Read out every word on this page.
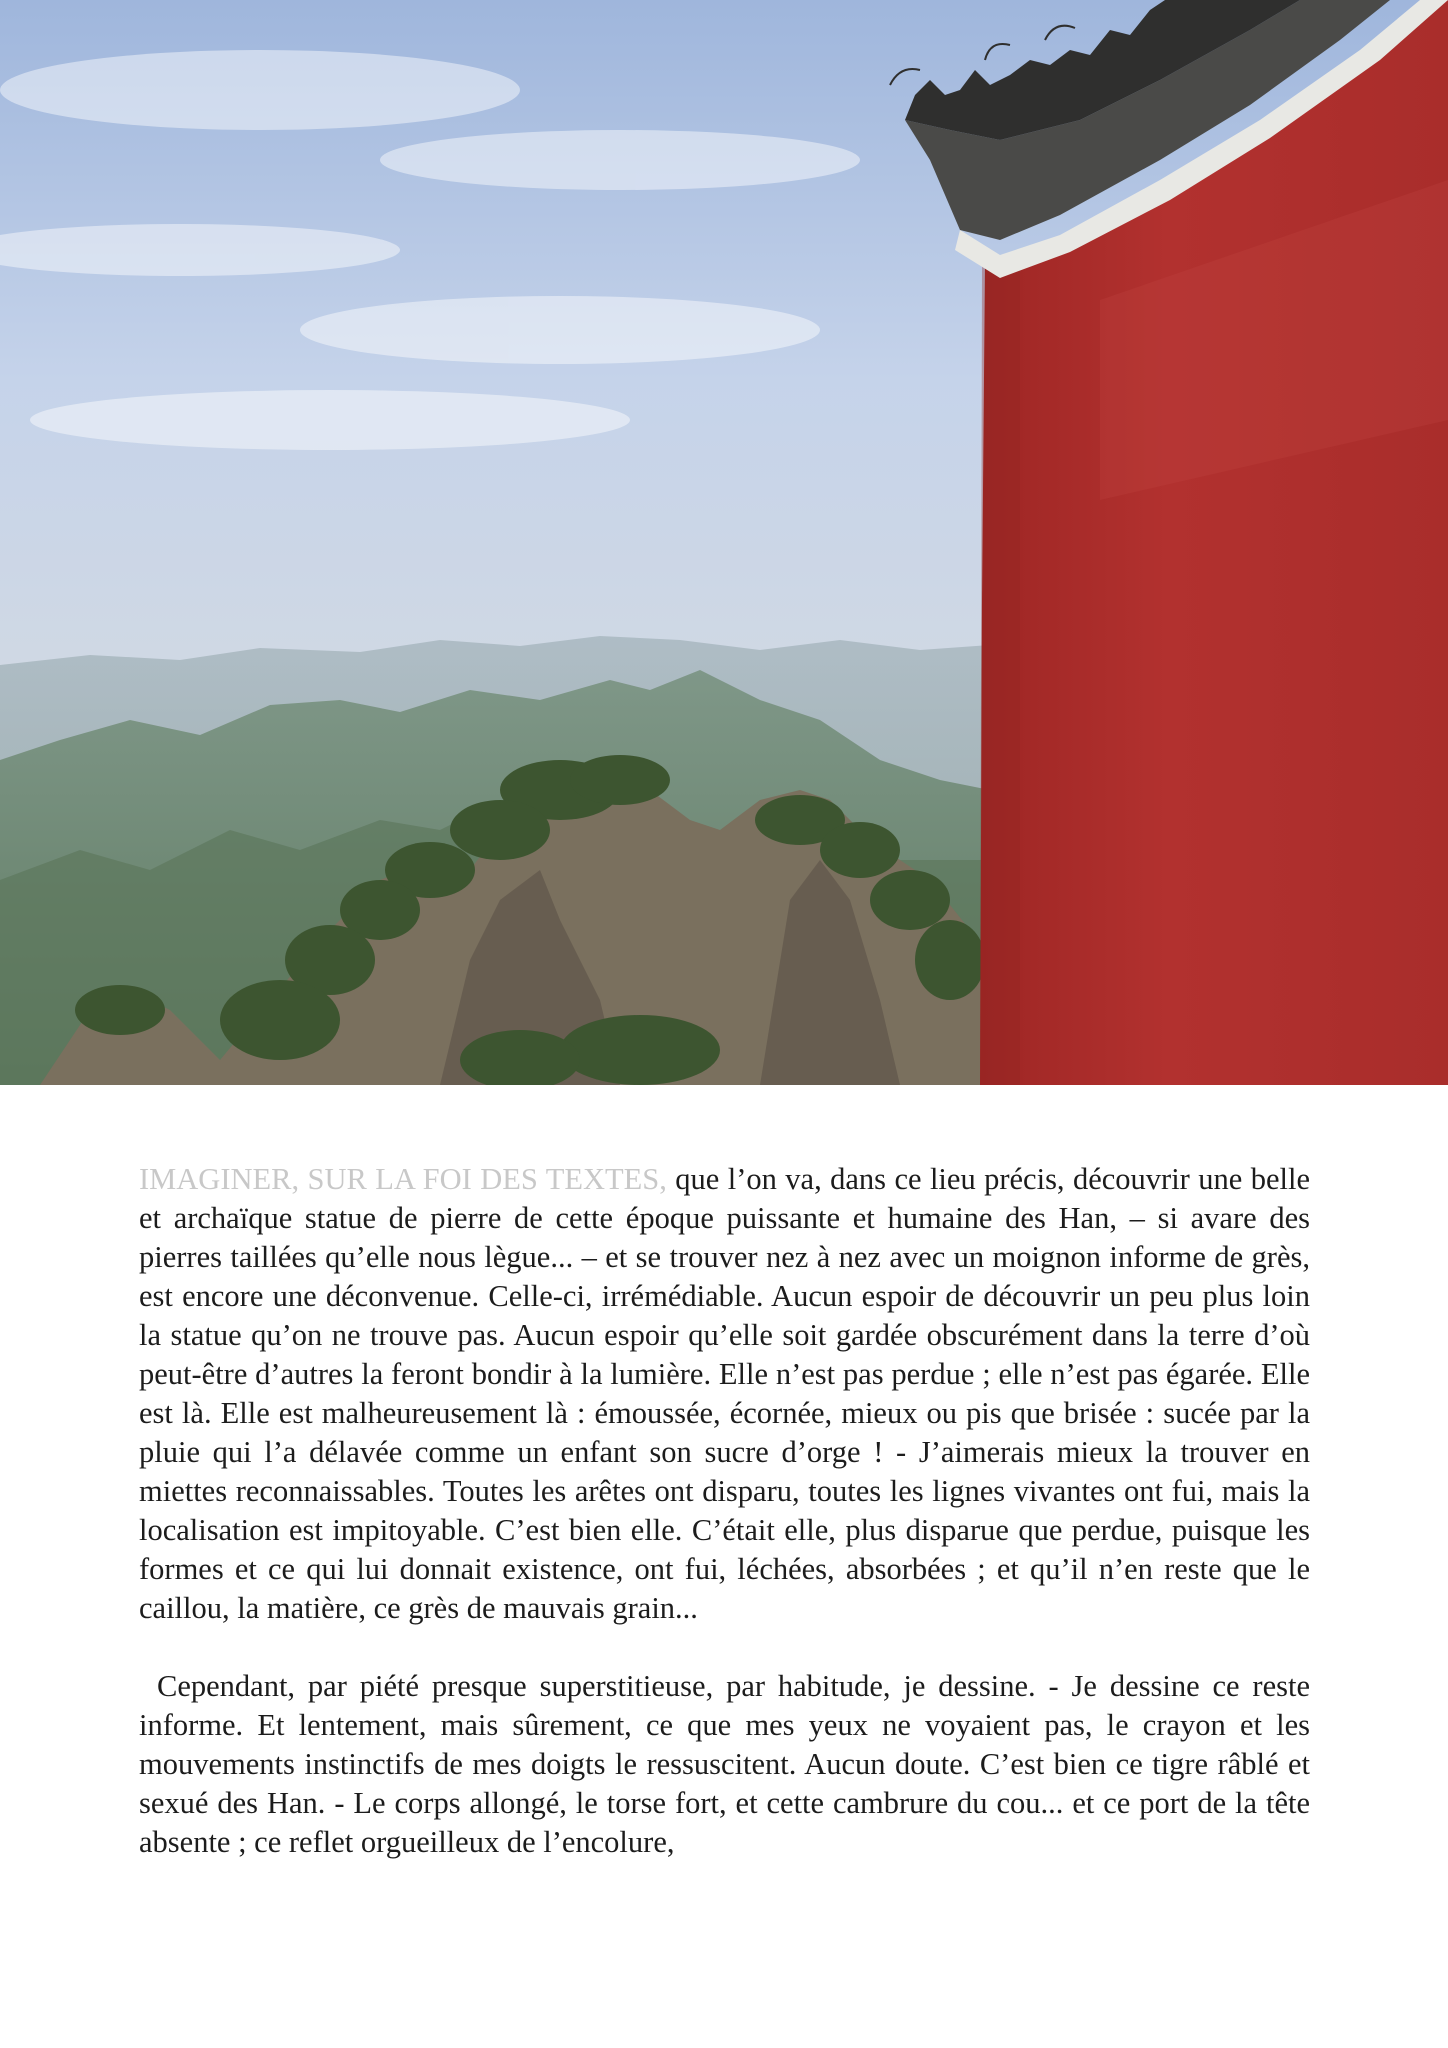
IMAGINER, SUR LA FOI DES TEXTES, que l’on va, dans ce lieu précis, découvrir une belle et archaïque statue de pierre de cette époque puissante et humaine des Han, – si avare des pierres taillées qu’elle nous lègue... – et se trouver nez à nez avec un moignon informe de grès, est encore une déconvenue. Celle-ci, irrémédiable. Aucun espoir de découvrir un peu plus loin la statue qu’on ne trouve pas. Aucun espoir qu’elle soit gardée obscurément dans la terre d’où peut-être d’autres la feront bondir à la lumière. Elle n’est pas perdue ; elle n’est pas égarée. Elle est là. Elle est malheureusement là : émoussée, écornée, mieux ou pis que brisée : sucée par la pluie qui l’a délavée comme un enfant son sucre d’orge ! - J’aimerais mieux la trouver en miettes reconnaissables. Toutes les arêtes ont disparu, toutes les lignes vivantes ont fui, mais la localisation est impitoyable. C’est bien elle. C’était elle, plus disparue que perdue, puisque les formes et ce qui lui donnait existence, ont fui, léchées, absorbées ; et qu’il n’en reste que le caillou, la matière, ce grès de mauvais grain...

Cependant, par piété presque superstitieuse, par habitude, je dessine. - Je dessine ce reste informe. Et lentement, mais sûrement, ce que mes yeux ne voyaient pas, le crayon et les mouvements instinctifs de mes doigts le ressuscitent. Aucun doute. C’est bien ce tigre râblé et sexué des Han. - Le corps allongé, le torse fort, et cette cambrure du cou... et ce port de la tête absente ; ce reflet orgueilleux de l’encolure,
